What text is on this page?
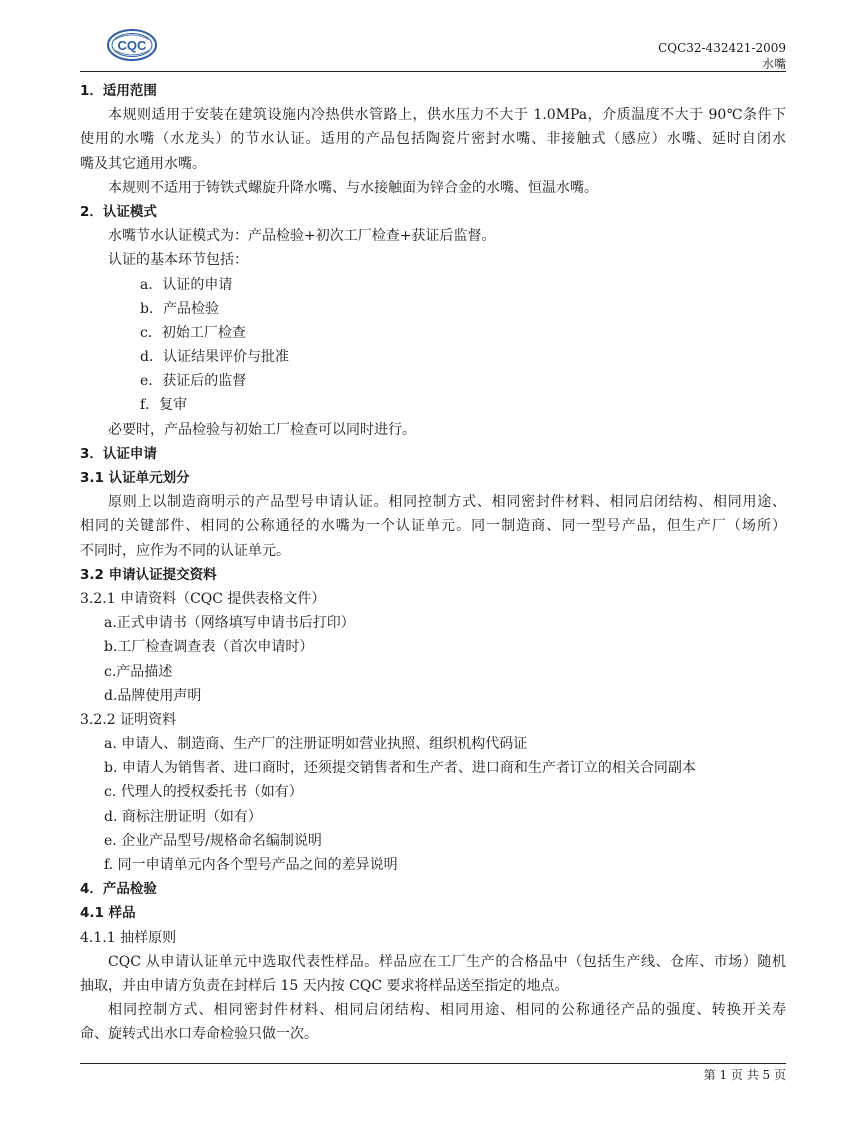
CQC	CQC32-432421-2009
水嘴
1．适用范围
本规则适用于安装在建筑设施内冷热供水管路上，供水压力不大于 1.0MPa，介质温度不大于 90℃条件下
使用的水嘴（水龙头）的节水认证。适用的产品包括陶瓷片密封水嘴、非接触式（感应）水嘴、延时自闭水
嘴及其它通用水嘴。
本规则不适用于铸铁式螺旋升降水嘴、与水接触面为锌合金的水嘴、恒温水嘴。
2．认证模式
水嘴节水认证模式为：产品检验+初次工厂检查+获证后监督。
认证的基本环节包括：
a．认证的申请
b．产品检验
c．初始工厂检查
d．认证结果评价与批准
e．获证后的监督
f．复审
必要时，产品检验与初始工厂检查可以同时进行。
3．认证申请
3.1 认证单元划分
原则上以制造商明示的产品型号申请认证。相同控制方式、相同密封件材料、相同启闭结构、相同用途、
相同的关键部件、相同的公称通径的水嘴为一个认证单元。同一制造商、同一型号产品，但生产厂（场所）
不同时，应作为不同的认证单元。
3.2 申请认证提交资料
3.2.1 申请资料（CQC 提供表格文件）
a.正式申请书（网络填写申请书后打印）
b.工厂检查调查表（首次申请时）
c.产品描述
d.品牌使用声明
3.2.2 证明资料
a. 申请人、制造商、生产厂的注册证明如营业执照、组织机构代码证
b. 申请人为销售者、进口商时，还须提交销售者和生产者、进口商和生产者订立的相关合同副本
c. 代理人的授权委托书（如有）
d. 商标注册证明（如有）
e. 企业产品型号/规格命名编制说明
f. 同一申请单元内各个型号产品之间的差异说明
4．产品检验
4.1 样品
4.1.1 抽样原则
CQC 从申请认证单元中选取代表性样品。样品应在工厂生产的合格品中（包括生产线、仓库、市场）随机
抽取，并由申请方负责在封样后 15 天内按 CQC 要求将样品送至指定的地点。
相同控制方式、相同密封件材料、相同启闭结构、相同用途、相同的公称通径产品的强度、转换开关寿
命、旋转式出水口寿命检验只做一次。
第 1 页 共 5 页
